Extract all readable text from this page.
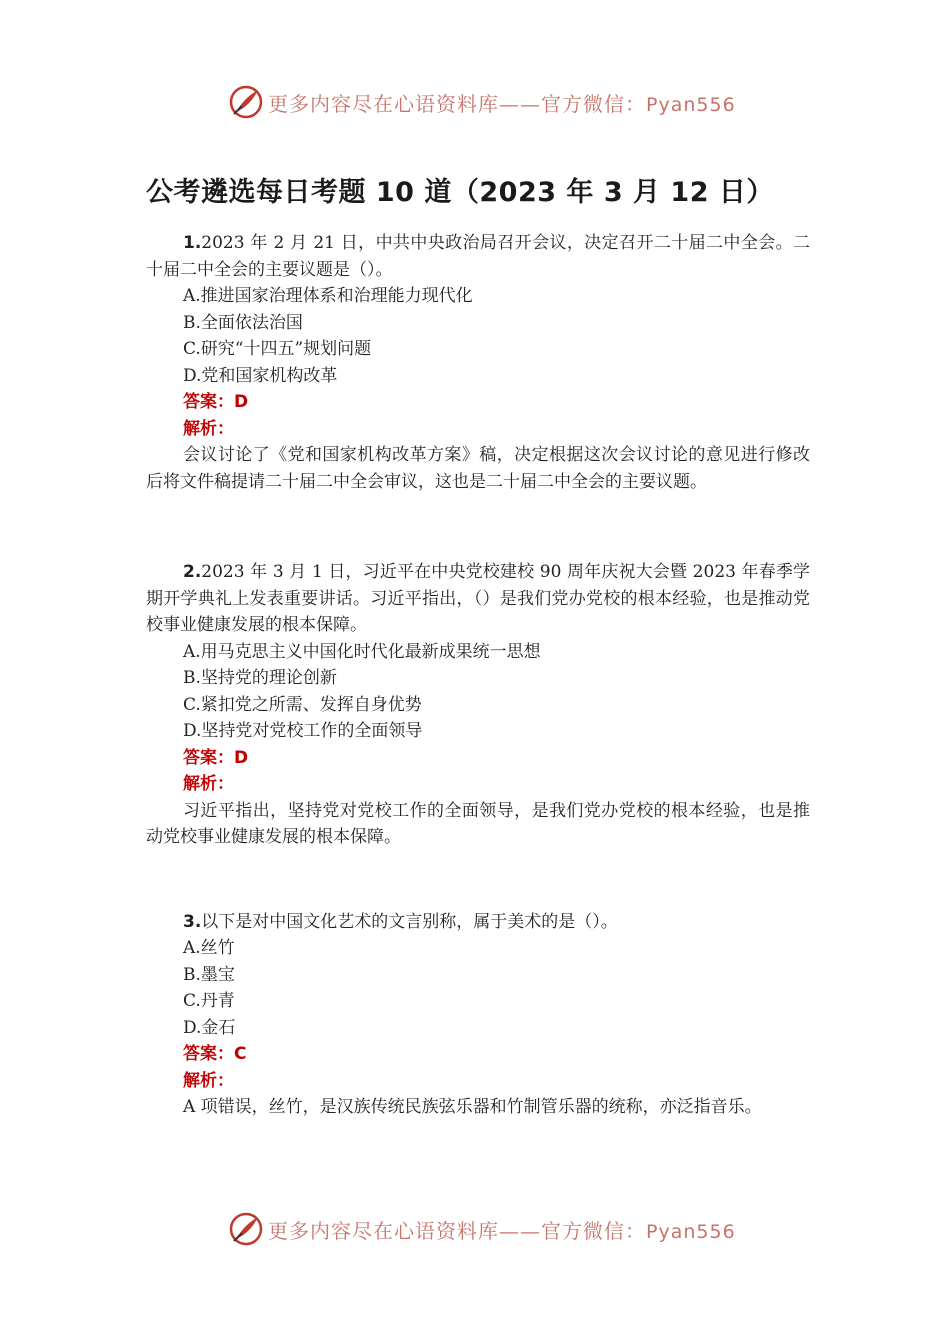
更多内容尽在心语资料库——官方微信：Pyan556
公考遴选每日考题 10 道（2023 年 3 月 12 日）

1.2023 年 2 月 21 日，中共中央政治局召开会议，决定召开二十届二中全会。二十届二中全会的主要议题是（）。

A.推进国家治理体系和治理能力现代化

B.全面依法治国

C.研究“十四五”规划问题

D.党和国家机构改革

答案：D

解析：

会议讨论了《党和国家机构改革方案》稿，决定根据这次会议讨论的意见进行修改后将文件稿提请二十届二中全会审议，这也是二十届二中全会的主要议题。

2.2023 年 3 月 1 日，习近平在中央党校建校 90 周年庆祝大会暨 2023 年春季学期开学典礼上发表重要讲话。习近平指出，（）是我们党办党校的根本经验，也是推动党校事业健康发展的根本保障。

A.用马克思主义中国化时代化最新成果统一思想

B.坚持党的理论创新

C.紧扣党之所需、发挥自身优势

D.坚持党对党校工作的全面领导

答案：D

解析：

习近平指出，坚持党对党校工作的全面领导，是我们党办党校的根本经验，也是推动党校事业健康发展的根本保障。

3.以下是对中国文化艺术的文言别称，属于美术的是（）。

A.丝竹

B.墨宝

C.丹青

D.金石

答案：C

解析：

A 项错误，丝竹，是汉族传统民族弦乐器和竹制管乐器的统称，亦泛指音乐。

更多内容尽在心语资料库——官方微信：Pyan556
